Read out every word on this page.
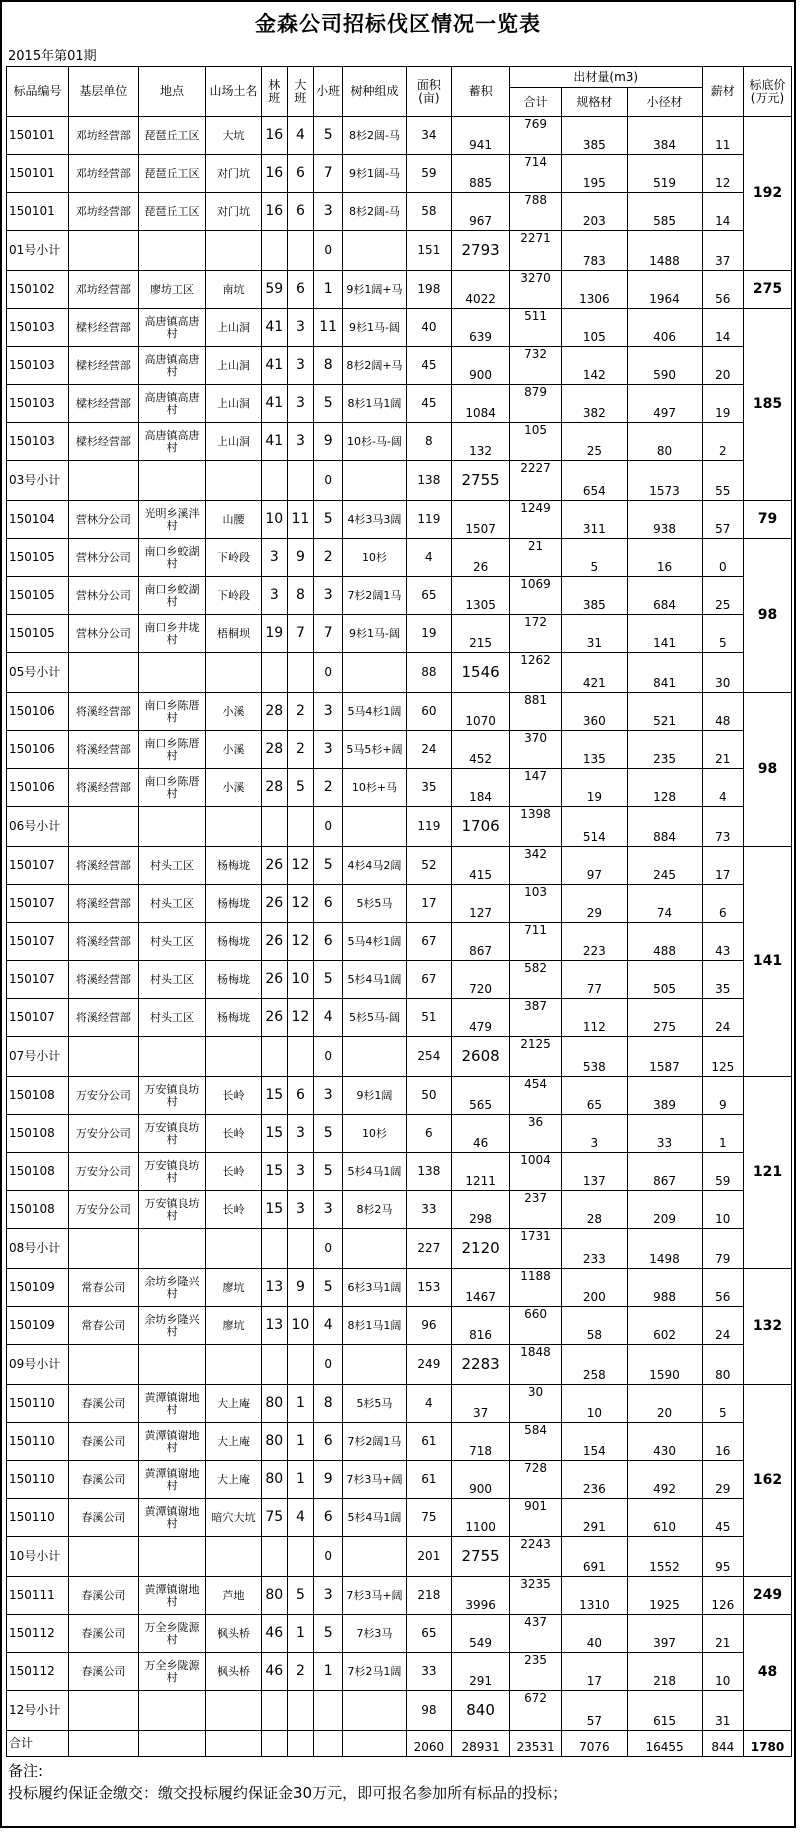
金森公司招标伐区情况一览表
2015年第01期
标品编号	基层单位	地点	山场土名	林班	大班	小班	树种组成	面积(亩)	蓄积	出材量(m3)			薪材	标底价(万元)
										合计	规格材	小径材		
150101	邓坊经营部	琵琶丘工区	大坑	16	4	5	8杉2阔-马	34	941	769	385	384	11	192
150101	邓坊经营部	琵琶丘工区	对门坑	16	6	7	9杉1阔-马	59	885	714	195	519	12	
150101	邓坊经营部	琵琶丘工区	对门坑	16	6	3	8杉2阔-马	58	967	788	203	585	14	
01号小计						0		151	2793	2271	783	1488	37	
150102	邓坊经营部	廖坊工区	南坑	59	6	1	9杉1阔+马	198	4022	3270	1306	1964	56	275
150103	樑杉经营部	高唐镇高唐村	上山洞	41	3	11	9杉1马-阔	40	639	511	105	406	14	185
150103	樑杉经营部	高唐镇高唐村	上山洞	41	3	8	8杉2阔+马	45	900	732	142	590	20	
150103	樑杉经营部	高唐镇高唐村	上山洞	41	3	5	8杉1马1阔	45	1084	879	382	497	19	
150103	樑杉经营部	高唐镇高唐村	上山洞	41	3	9	10杉-马-阔	8	132	105	25	80	2	
03号小计						0		138	2755	2227	654	1573	55	
150104	营林分公司	光明乡溪泮村	山腰	10	11	5	4杉3马3阔	119	1507	1249	311	938	57	79
150105	营林分公司	南口乡蛟湖村	下岭段	3	9	2	10杉	4	26	21	5	16	0	98
150105	营林分公司	南口乡蛟湖村	下岭段	3	8	3	7杉2阔1马	65	1305	1069	385	684	25	
150105	营林分公司	南口乡井垅村	梧桐坝	19	7	7	9杉1马-阔	19	215	172	31	141	5	
05号小计						0		88	1546	1262	421	841	30	
150106	将溪经营部	南口乡陈厝村	小溪	28	2	3	5马4杉1阔	60	1070	881	360	521	48	98
150106	将溪经营部	南口乡陈厝村	小溪	28	2	3	5马5杉+阔	24	452	370	135	235	21	
150106	将溪经营部	南口乡陈厝村	小溪	28	5	2	10杉+马	35	184	147	19	128	4	
06号小计						0		119	1706	1398	514	884	73	
150107	将溪经营部	村头工区	杨梅垅	26	12	5	4杉4马2阔	52	415	342	97	245	17	141
150107	将溪经营部	村头工区	杨梅垅	26	12	6	5杉5马	17	127	103	29	74	6	
150107	将溪经营部	村头工区	杨梅垅	26	12	6	5马4杉1阔	67	867	711	223	488	43	
150107	将溪经营部	村头工区	杨梅垅	26	10	5	5杉4马1阔	67	720	582	77	505	35	
150107	将溪经营部	村头工区	杨梅垅	26	12	4	5杉5马-阔	51	479	387	112	275	24	
07号小计						0		254	2608	2125	538	1587	125	
150108	万安分公司	万安镇良坊村	长岭	15	6	3	9杉1阔	50	565	454	65	389	9	121
150108	万安分公司	万安镇良坊村	长岭	15	3	5	10杉	6	46	36	3	33	1	
150108	万安分公司	万安镇良坊村	长岭	15	3	5	5杉4马1阔	138	1211	1004	137	867	59	
150108	万安分公司	万安镇良坊村	长岭	15	3	3	8杉2马	33	298	237	28	209	10	
08号小计						0		227	2120	1731	233	1498	79	
150109	常春公司	余坊乡隆兴村	廖坑	13	9	5	6杉3马1阔	153	1467	1188	200	988	56	132
150109	常春公司	余坊乡隆兴村	廖坑	13	10	4	8杉1马1阔	96	816	660	58	602	24	
09号小计						0		249	2283	1848	258	1590	80	
150110	春溪公司	黄潭镇谢地村	大上庵	80	1	8	5杉5马	4	37	30	10	20	5	162
150110	春溪公司	黄潭镇谢地村	大上庵	80	1	6	7杉2阔1马	61	718	584	154	430	16	
150110	春溪公司	黄潭镇谢地村	大上庵	80	1	9	7杉3马+阔	61	900	728	236	492	29	
150110	春溪公司	黄潭镇谢地村	暗穴大坑	75	4	6	5杉4马1阔	75	1100	901	291	610	45	
10号小计						0		201	2755	2243	691	1552	95	
150111	春溪公司	黄潭镇谢地村	芦地	80	5	3	7杉3马+阔	218	3996	3235	1310	1925	126	249
150112	春溪公司	万全乡陇源村	枫头桥	46	1	5	7杉3马	65	549	437	40	397	21	48
150112	春溪公司	万全乡陇源村	枫头桥	46	2	1	7杉2马1阔	33	291	235	17	218	10	
12号小计								98	840	672	57	615	31	
合计								2060	28931	23531	7076	16455	844	1780
备注:
投标履约保证金缴交：缴交投标履约保证金30万元，即可报名参加所有标品的投标；
